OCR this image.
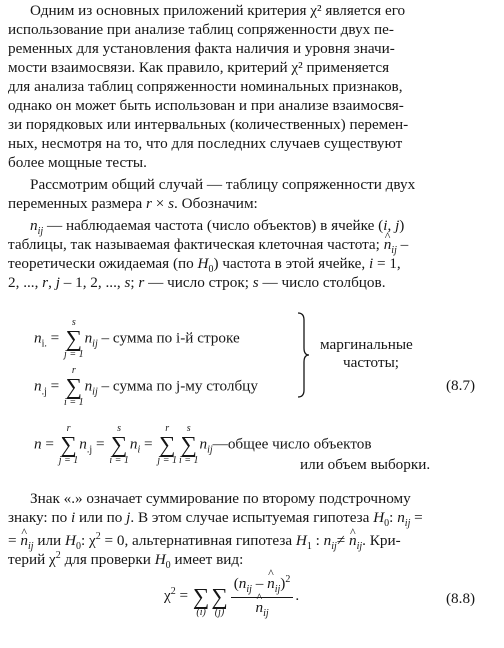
Одним из основных приложений критерия χ² является его
использование при анализе таблиц сопряженности двух пе-
ременных для установления факта наличия и уровня значи-
мости взаимосвязи. Как правило, критерий χ² применяется
для анализа таблиц сопряженности номинальных признаков,
однако он может быть использован и при анализе взаимосвя-
зи порядковых или интервальных (количественных) перемен-
ных, несмотря на то, что для последних случаев существуют
более мощные тесты.
Рассмотрим общий случай — таблицу сопряженности двух
переменных размера r × s. Обозначим:
$n_{ij}$ — наблюдаемая частота (число объектов) в ячейке (i, j)
таблицы, так называемая фактическая клеточная частота; ^ $n_{ij}$ –
теоретически ожидаемая (по $H_0$) частота в этой ячейке, i = 1,
2, ..., r, j – 1, 2, ..., s; r — число строк; s — число столбцов.
$n_{i.}$ =
s
∑
j = 1
$n_{ij}$ – сумма по i-й строке
$n_{.j}$ =
r
∑
i = 1
$n_{ij}$ – сумма по j-му столбцу
маргинальные
частоты;
(8.7)
n =
r
∑
j = 1
$n_{.j}$ =
s
∑
i = 1
$n_i$ =
r
∑
j = 1
s
∑
i = 1
$n_{ij}—общее$ число объектов
или объем выборки.
Знак «.» означает суммирование по второму подстрочному
знаку: по i или по j. В этом случае испытуемая гипотеза $H_0$: $n_{ij}$ =
= ^ $n_{ij}$ или $H_0$: $\chi^2 = 0$, альтернативная гипотеза $H_1$ : $n_{ij}\ne$ ^ $n_{ij}$. Кри-
терий $\chi^2$ для проверки $H_0$ имеет вид:
$\chi^2$ =
∑
(i)

∑
(j) ($n_{ij}$ – ^ $n_{ij})^2$
^ $n_{ij}$ .	(8.8)
